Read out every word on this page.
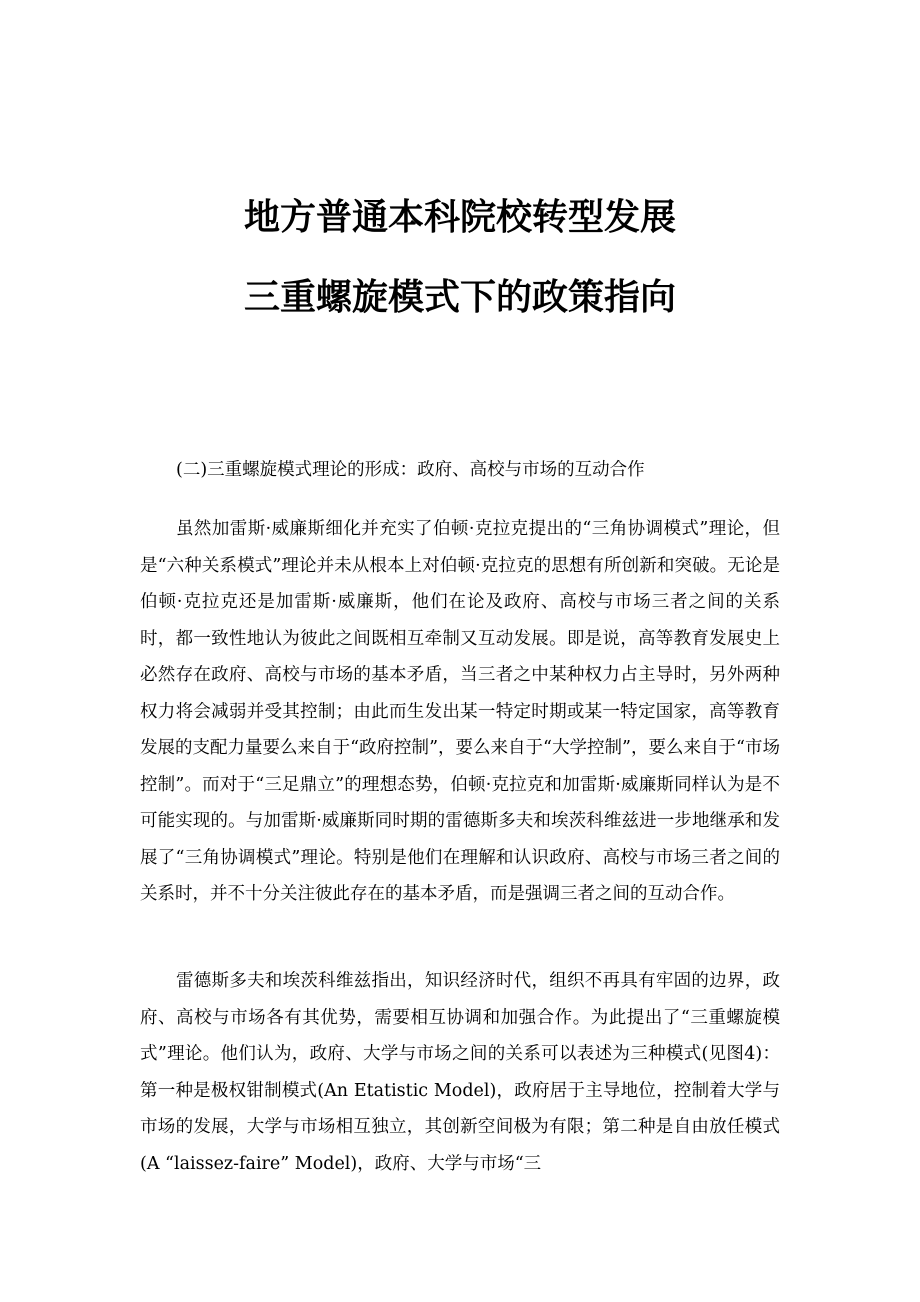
地方普通本科院校转型发展
三重螺旋模式下的政策指向

(二)三重螺旋模式理论的形成：政府、高校与市场的互动合作

虽然加雷斯·威廉斯细化并充实了伯顿·克拉克提出的“三角协调模式”理论，但是“六种关系模式”理论并未从根本上对伯顿·克拉克的思想有所创新和突破。无论是伯顿·克拉克还是加雷斯·威廉斯，他们在论及政府、高校与市场三者之间的关系时，都一致性地认为彼此之间既相互牵制又互动发展。即是说，高等教育发展史上必然存在政府、高校与市场的基本矛盾，当三者之中某种权力占主导时，另外两种权力将会减弱并受其控制；由此而生发出某一特定时期或某一特定国家，高等教育发展的支配力量要么来自于“政府控制”，要么来自于“大学控制”，要么来自于“市场控制”。而对于“三足鼎立”的理想态势，伯顿·克拉克和加雷斯·威廉斯同样认为是不可能实现的。与加雷斯·威廉斯同时期的雷德斯多夫和埃茨科维兹进一步地继承和发展了“三角协调模式”理论。特别是他们在理解和认识政府、高校与市场三者之间的关系时，并不十分关注彼此存在的基本矛盾，而是强调三者之间的互动合作。

雷德斯多夫和埃茨科维兹指出，知识经济时代，组织不再具有牢固的边界，政府、高校与市场各有其优势，需要相互协调和加强合作。为此提出了“三重螺旋模式”理论。他们认为，政府、大学与市场之间的关系可以表述为三种模式(见图4)：第一种是极权钳制模式(An Etatistic Model)，政府居于主导地位，控制着大学与市场的发展，大学与市场相互独立，其创新空间极为有限；第二种是自由放任模式(A “laissez-faire” Model)，政府、大学与市场“三
